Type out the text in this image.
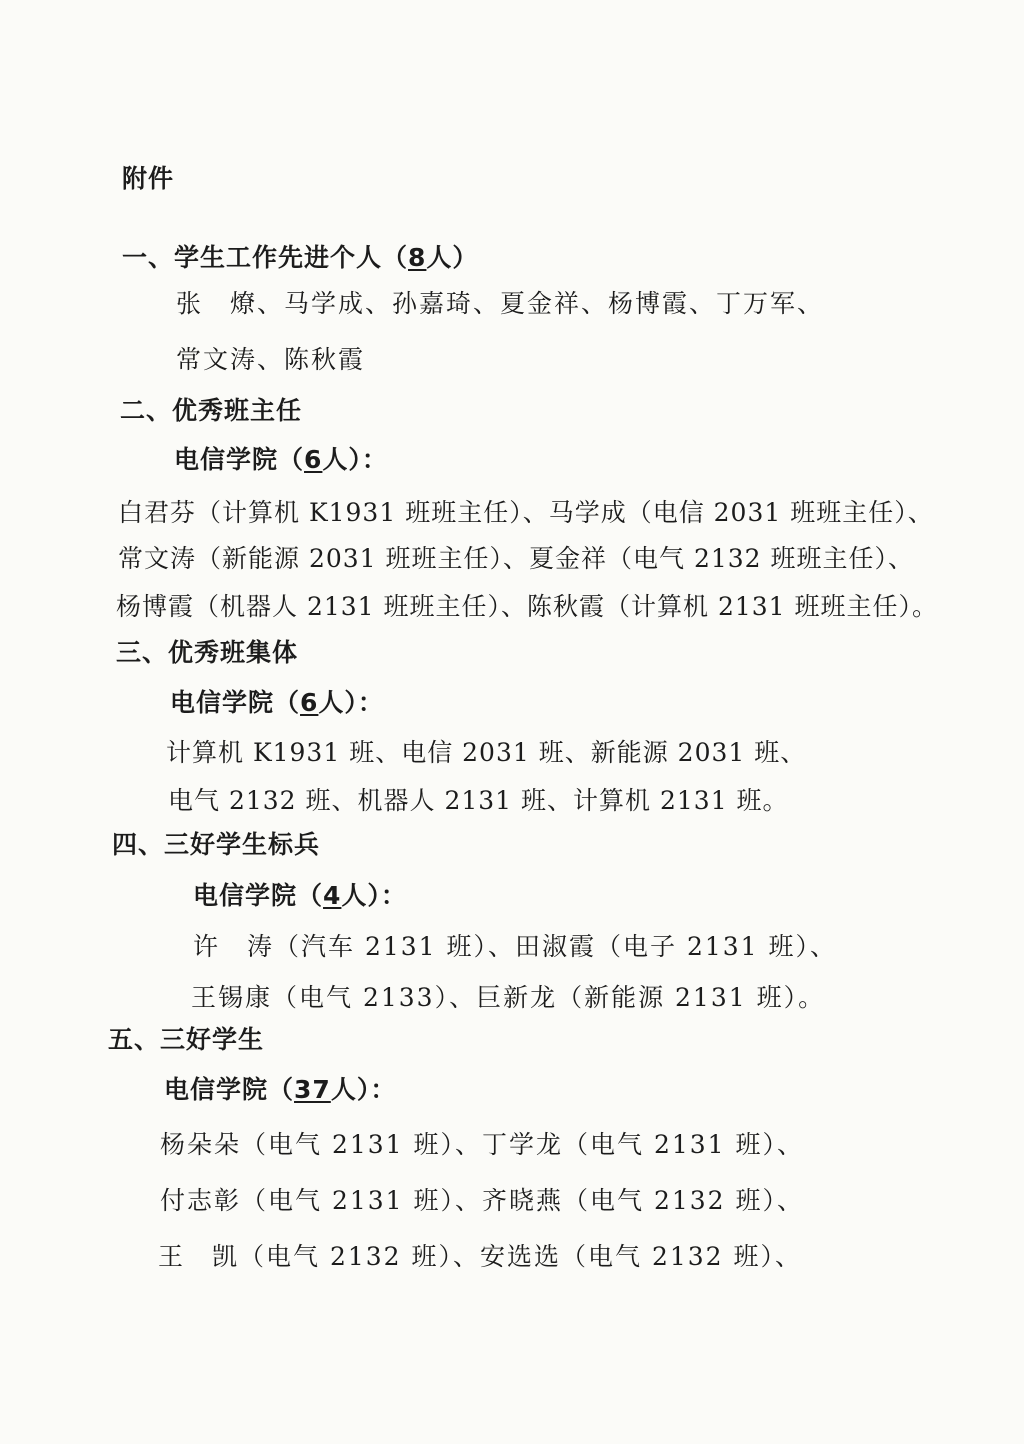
附件
一、学生工作先进个人（8人）
张　燎、马学成、孙嘉琦、夏金祥、杨博霞、丁万军、
常文涛、陈秋霞
二、优秀班主任
电信学院（6人）：
白君芬（计算机 K1931 班班主任）、马学成（电信 2031 班班主任）、
常文涛（新能源 2031 班班主任）、夏金祥（电气 2132 班班主任）、
杨博霞（机器人 2131 班班主任）、陈秋霞（计算机 2131 班班主任）。
三、优秀班集体
电信学院（6人）：
计算机 K1931 班、电信 2031 班、新能源 2031 班、
电气 2132 班、机器人 2131 班、计算机 2131 班。
四、三好学生标兵
电信学院（4人）：
许　涛（汽车 2131 班）、田淑霞（电子 2131 班）、
王锡康（电气 2133）、巨新龙（新能源 2131 班）。
五、三好学生
电信学院（37人）：
杨朵朵（电气 2131 班）、丁学龙（电气 2131 班）、
付志彰（电气 2131 班）、齐晓燕（电气 2132 班）、
王　凯（电气 2132 班）、安选选（电气 2132 班）、
